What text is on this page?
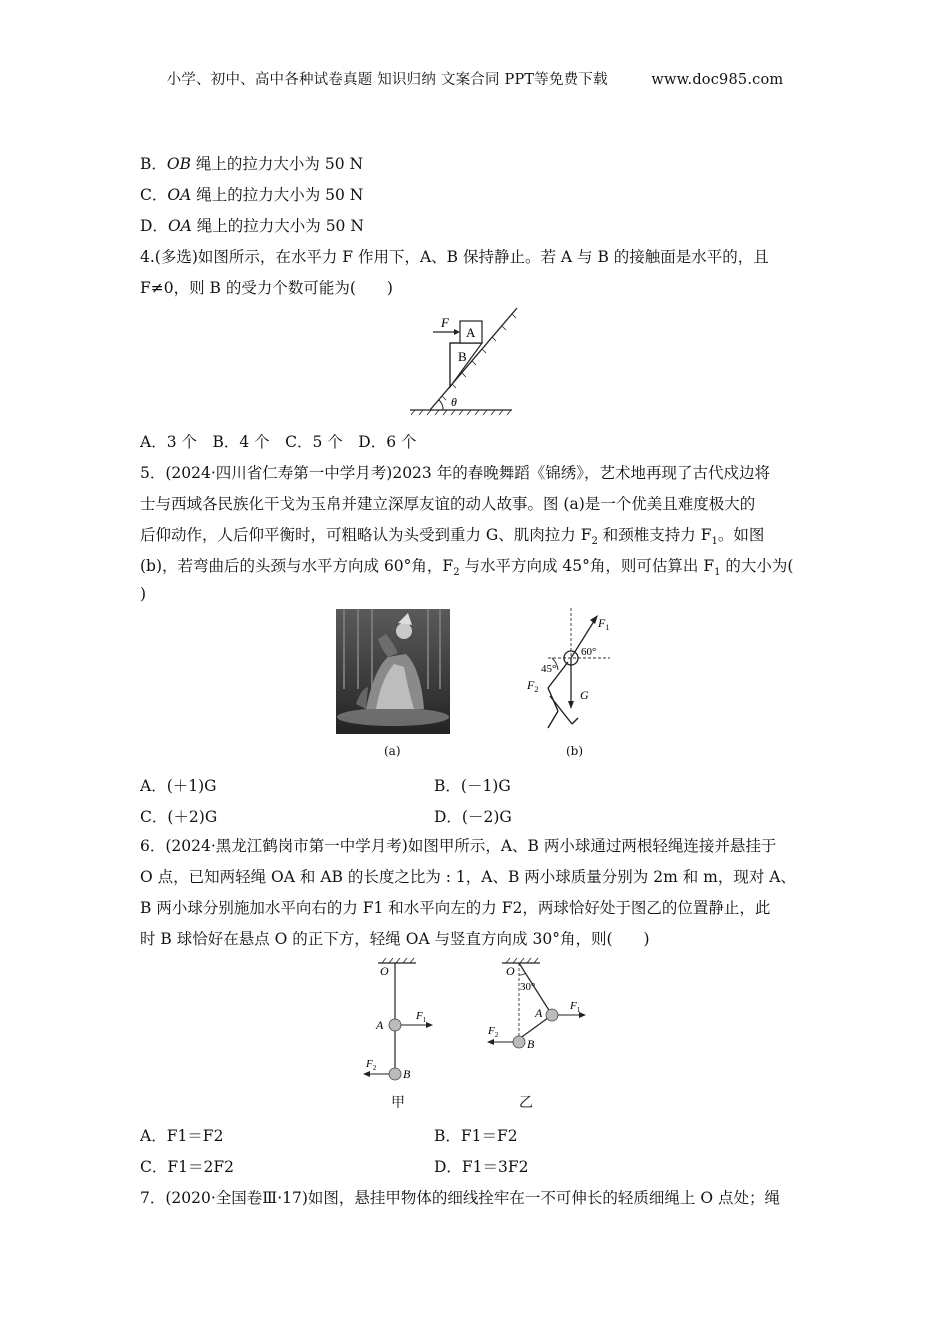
小学、初中、高中各种试卷真题 知识归纳 文案合同 PPT等免费下载	www.doc985.com
B．OB 绳上的拉力大小为 50 N
C．OA 绳上的拉力大小为 50 N
D．OA 绳上的拉力大小为 50 N
4.(多选)如图所示，在水平力 F 作用下，A、B 保持静止。若 A 与 B 的接触面是水平的，且
F≠0，则 B 的受力个数可能为(　　)
F
A
B
θ
A．3 个　B．4 个　C．5 个　D．6 个
5．(2024·四川省仁寿第一中学月考)2023 年的春晚舞蹈《锦绣》，艺术地再现了古代戍边将
士与西域各民族化干戈为玉帛并建立深厚友谊的动人故事。图 (a)是一个优美且难度极大的
后仰动作，人后仰平衡时，可粗略认为头受到重力 G、肌肉拉力 $F_2$ 和颈椎支持力 $F_1$。如图
(b)，若弯曲后的头颈与水平方向成 60°角，$F_2$ 与水平方向成 45°角，则可估算出 $F_1$ 的大小为(
)
(a)
45°
60°
$F_1$
$F_2$	G
(b)
A．(＋1)G	B．(－1)G
C．(＋2)G	D．(－2)G
6．(2024·黑龙江鹤岗市第一中学月考)如图甲所示，A、B 两小球通过两根轻绳连接并悬挂于
O 点，已知两轻绳 OA 和 AB 的长度之比为 : 1，A、B 两小球质量分别为 2m 和 m，现对 A、
B 两小球分别施加水平向右的力 F1 和水平向左的力 F2，两球恰好处于图乙的位置静止，此
时 B 球恰好在悬点 O 的正下方，轻绳 OA 与竖直方向成 30°角，则(　　)
O
A
B
$F_1$
$F_2$
甲
O
30°
A
B
$F_1$
$F_2$
乙
A．F1＝F2	B．F1＝F2
C．F1＝2F2	D．F1＝3F2
7．(2020·全国卷Ⅲ·17)如图，悬挂甲物体的细线拴牢在一不可伸长的轻质细绳上 O 点处；绳
